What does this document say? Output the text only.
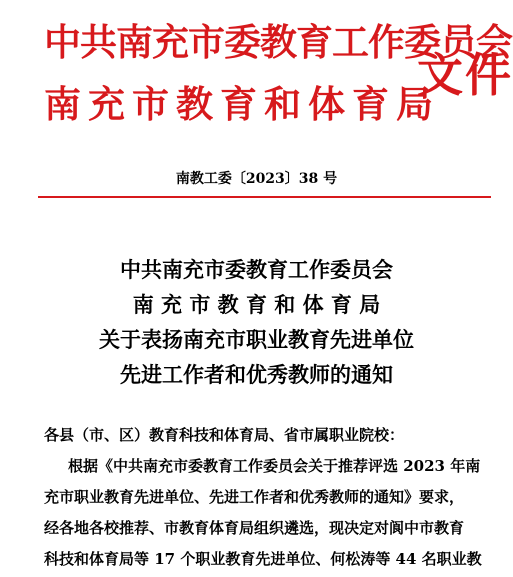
中共南充市委教育工作委员会
南充市教育和体育局
文件
南教工委〔2023〕38 号
中共南充市委教育工作委员会
南 充 市 教 育 和 体 育 局
关于表扬南充市职业教育先进单位
先进工作者和优秀教师的通知
各县（市、区）教育科技和体育局、省市属职业院校：
根据《中共南充市委教育工作委员会关于推荐评选 2023 年南
充市职业教育先进单位、先进工作者和优秀教师的通知》要求，
经各地各校推荐、市教育体育局组织遴选，现决定对阆中市教育
科技和体育局等 17 个职业教育先进单位、何松涛等 44 名职业教
